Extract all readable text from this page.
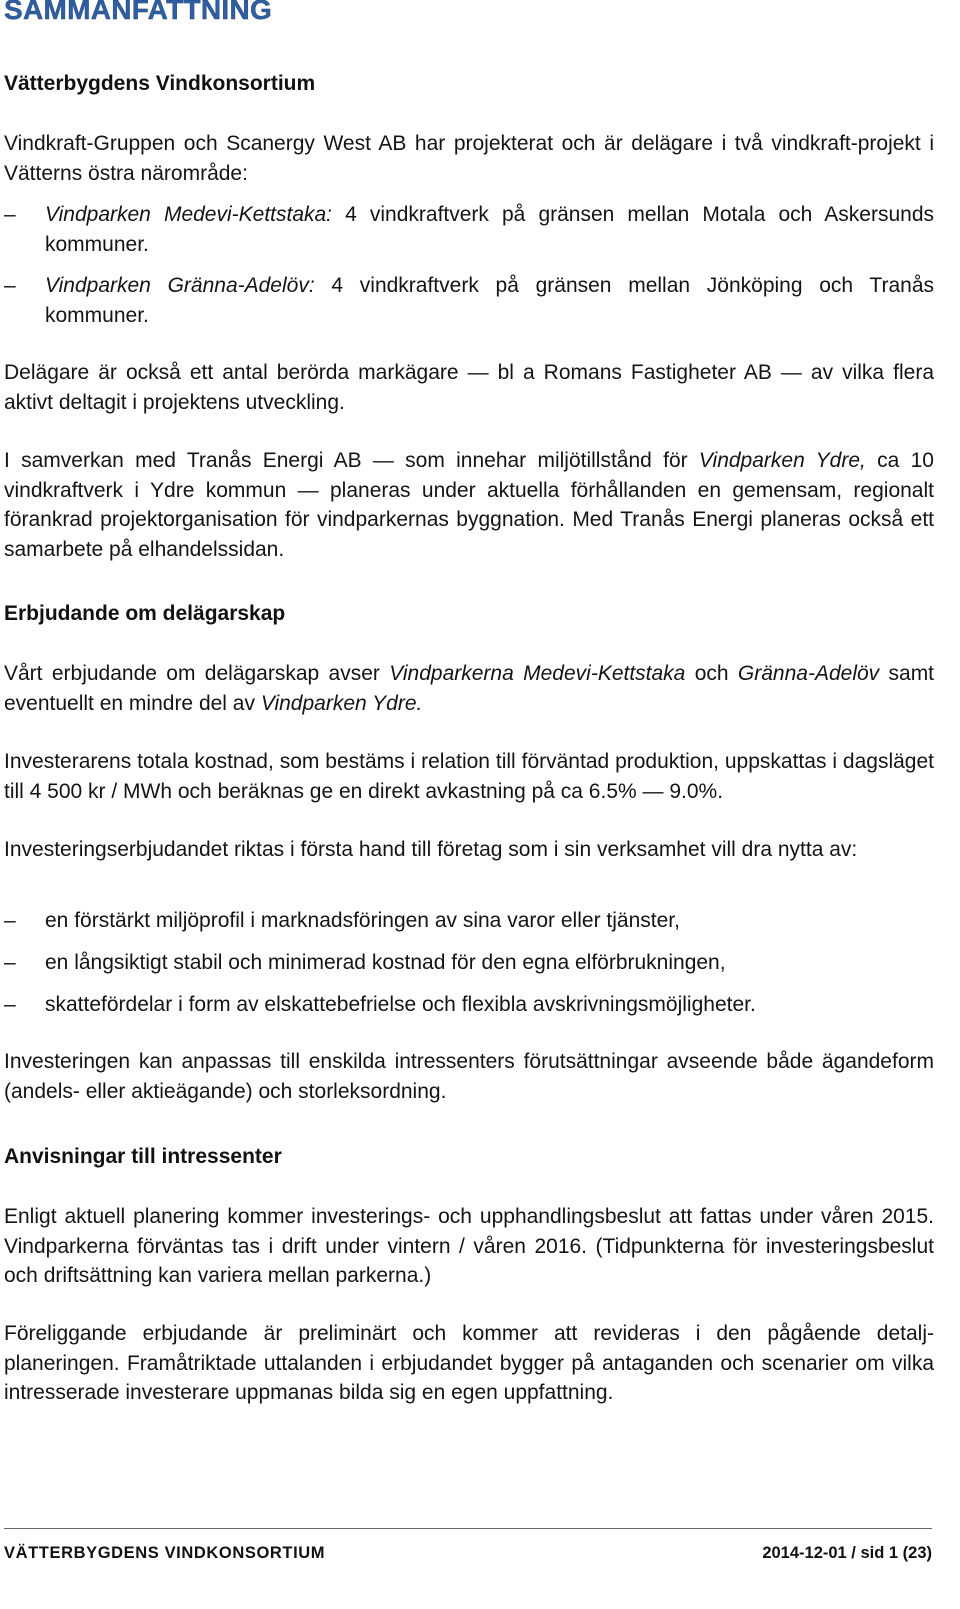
SAMMANFATTNING
Vätterbygdens Vindkonsortium

Vindkraft-Gruppen och Scanergy West AB har projekterat och är delägare i två vindkraft-projekt i Vätterns östra närområde:

– Vindparken Medevi-Kettstaka: 4 vindkraftverk på gränsen mellan Motala och Askersunds kommuner.
– Vindparken Gränna-Adelöv: 4 vindkraftverk på gränsen mellan Jönköping och Tranås kommuner.

Delägare är också ett antal berörda markägare — bl a Romans Fastigheter AB — av vilka flera aktivt deltagit i projektens utveckling.

I samverkan med Tranås Energi AB — som innehar miljötillstånd för Vindparken Ydre, ca 10 vindkraftverk i Ydre kommun — planeras under aktuella förhållanden en gemensam, regionalt förankrad projektorganisation för vindparkernas byggnation. Med Tranås Energi planeras också ett samarbete på elhandelssidan.

Erbjudande om delägarskap

Vårt erbjudande om delägarskap avser Vindparkerna Medevi-Kettstaka och Gränna-Adelöv samt eventuellt en mindre del av Vindparken Ydre.

Investerarens totala kostnad, som bestäms i relation till förväntad produktion, uppskattas i dagsläget till 4 500 kr / MWh och beräknas ge en direkt avkastning på ca 6.5% — 9.0%.

Investeringserbjudandet riktas i första hand till företag som i sin verksamhet vill dra nytta av:

– en förstärkt miljöprofil i marknadsföringen av sina varor eller tjänster,
– en långsiktigt stabil och minimerad kostnad för den egna elförbrukningen,
– skattefördelar i form av elskattebefrielse och flexibla avskrivningsmöjligheter.

Investeringen kan anpassas till enskilda intressenters förutsättningar avseende både ägandeform (andels- eller aktieägande) och storleksordning.

Anvisningar till intressenter

Enligt aktuell planering kommer investerings- och upphandlingsbeslut att fattas under våren 2015. Vindparkerna förväntas tas i drift under vintern / våren 2016. (Tidpunkterna för investeringsbeslut och driftsättning kan variera mellan parkerna.)

Föreliggande erbjudande är preliminärt och kommer att revideras i den pågående detalj-planeringen. Framåtriktade uttalanden i erbjudandet bygger på antaganden och scenarier om vilka intresserade investerare uppmanas bilda sig en egen uppfattning.

VÄTTERBYGDENS VINDKONSORTIUM	2014-12-01 / sid 1 (23)
